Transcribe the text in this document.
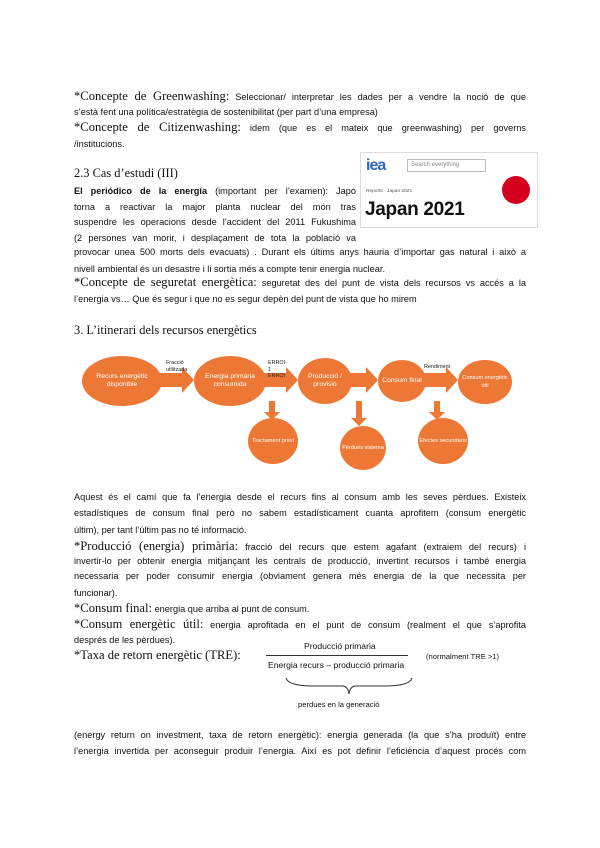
*Concepte de Greenwashing: Seleccionar/ interpretar les dades per a vendre la noció de que
s’està fent una política/estratègia de sostenibilitat (per part d’una empresa)
*Concepte de Citizenwashing: idem (que es el mateix que greenwashing) per governs
/institucions.
2.3 Cas d’estudi (III)
El periódico de la energía (important per l’examen): Japó
torna a reactivar la major planta nuclear del món tras
suspendre les operacions desde l’accident del 2011 Fukushima
(2 persones van morir, i desplaçament de tota la població va
provocar unea 500 morts dels evacuats) . Durant els últims anys hauria d’importar gas natural i això a
nivell ambiental és un desastre i li sortia més a compte tenir energia nuclear.
iea	Search everything
Reports · Japan 2021
Japan 2021
*Concepte de seguretat energètica: seguretat des del punt de vista dels recursos vs accés a la
l’energia vs… Que és segur i que no es segur depèn del punt de vista que ho mirem
3. L’itinerari dels recursos energètics
Recurs energètic disponible
Energia primària consumida
Producció / provisió
Consum final	Consum energètic útil
Tractament previ
Pèrdues sistema
Efectes secundaris
Fracció utilitzada
ERROI-1 ERROI
Rendiment
Aquest és el camí que fa l’energia desde el recurs fins al consum amb les seves pèrdues. Existeix
estadístiques de consum final però no sabem estadísticament cuanta aprofitem (consum energètic
últim), per tant l’últim pas no té informació.
*Producció (energia) primària: fracció del recurs que estem agafant (extraiem del recurs) i
invertir-lo per obtenir energia mitjançant les centrals de producció, invertint recursos i també energia
necessaria per poder consumir energia (obviament genera més energia de la que necessita per
funcionar).
*Consum final: energia que arriba al punt de consum.
*Consum energètic útil: energia aprofitada en el punt de consum (realment el que s’aprofita
després de les pèrdues).
*Taxa de retorn energètic (TRE):
Producció primaria
Energia recurs – producció primaria
(normalment TRE >1)
perdues en la generació
(energy return on investment, taxa de retorn energètic): energia generada (la que s’ha produït) entre
l’energia invertida per aconseguir produir l’energia. Així es pot definir l’eficiència d’aquest procés com
